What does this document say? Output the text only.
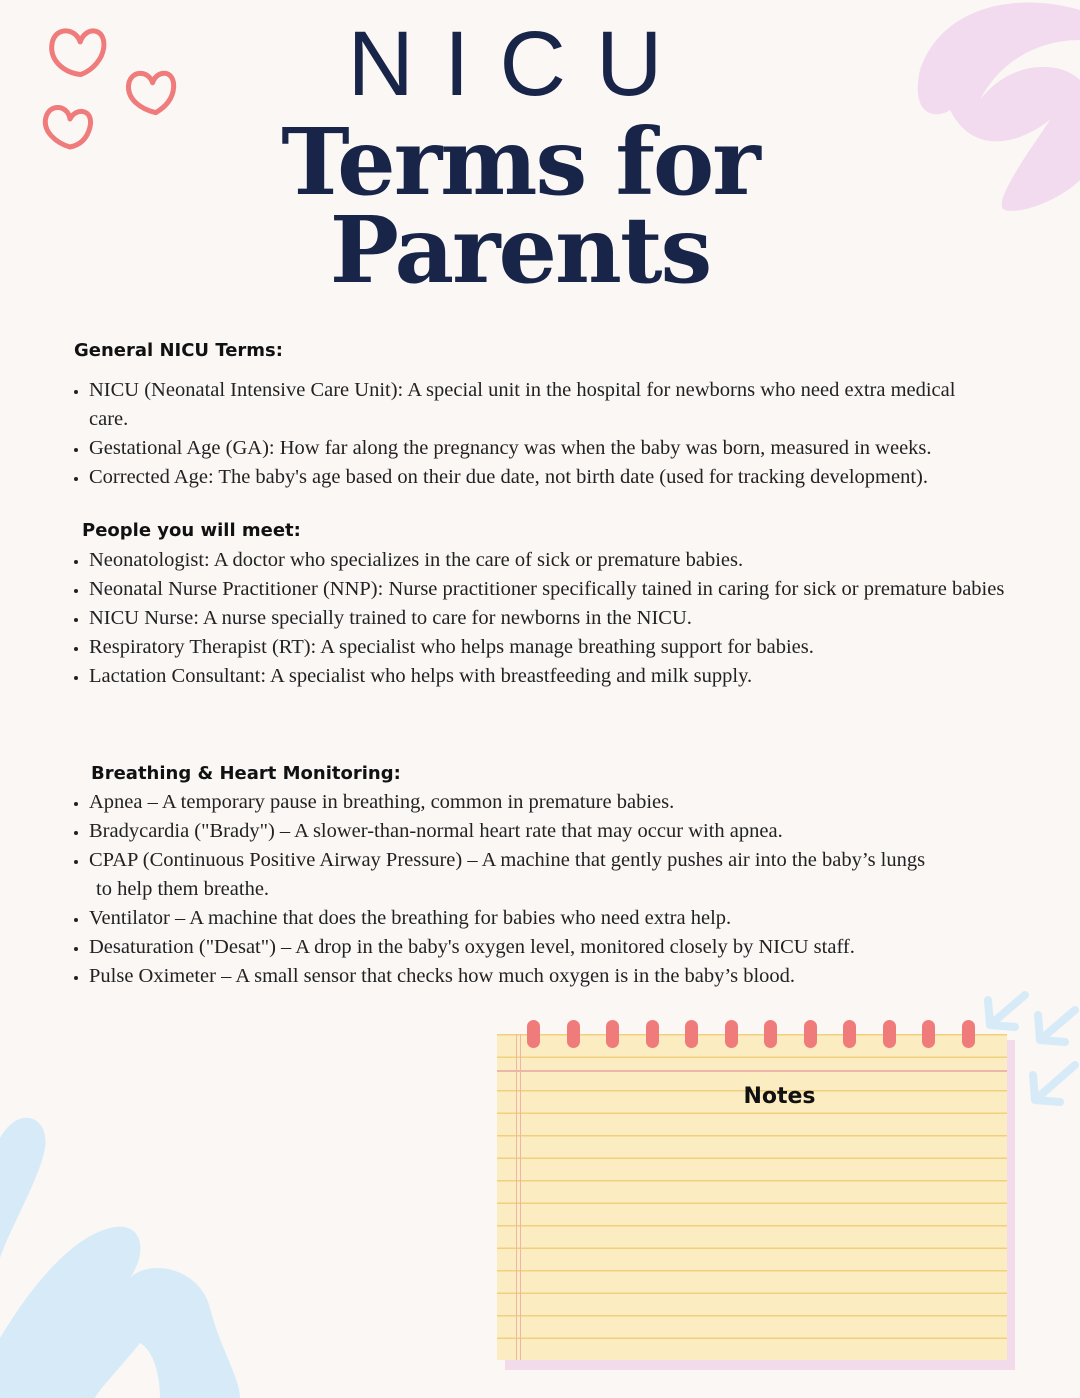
NICU
Terms for
Parents
General NICU Terms:
• NICU (Neonatal Intensive Care Unit): A special unit in the hospital for newborns who need extra medical care.
• Gestational Age (GA): How far along the pregnancy was when the baby was born, measured in weeks.
• Corrected Age: The baby's age based on their due date, not birth date (used for tracking development).
People you will meet:
• Neonatologist: A doctor who specializes in the care of sick or premature babies.
• Neonatal Nurse Practitioner (NNP): Nurse practitioner specifically tained in caring for sick or premature babies
• NICU Nurse: A nurse specially trained to care for newborns in the NICU.
• Respiratory Therapist (RT): A specialist who helps manage breathing support for babies.
• Lactation Consultant: A specialist who helps with breastfeeding and milk supply.
Breathing & Heart Monitoring:
• Apnea – A temporary pause in breathing, common in premature babies.
• Bradycardia ("Brady") – A slower-than-normal heart rate that may occur with apnea.
• CPAP (Continuous Positive Airway Pressure) – A machine that gently pushes air into the baby’s lungs
to help them breathe.
• Ventilator – A machine that does the breathing for babies who need extra help.
• Desaturation ("Desat") – A drop in the baby's oxygen level, monitored closely by NICU staff.
• Pulse Oximeter – A small sensor that checks how much oxygen is in the baby’s blood.

Notes
